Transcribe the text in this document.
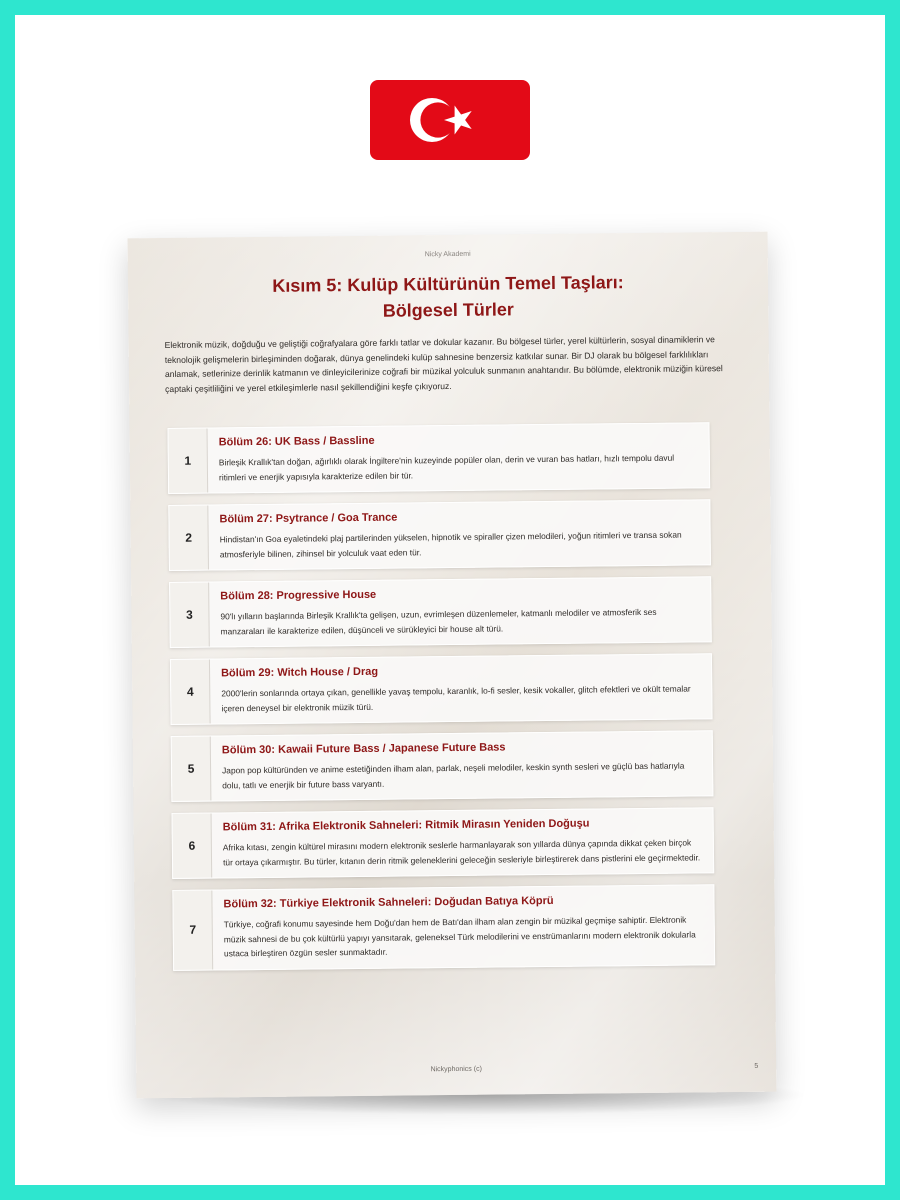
Nicky Akademi
Kısım 5: Kulüp Kültürünün Temel Taşları:
Bölgesel Türler
Elektronik müzik, doğduğu ve geliştiği coğrafyalara göre farklı tatlar ve dokular kazanır. Bu bölgesel türler, yerel kültürlerin, sosyal dinamiklerin ve teknolojik gelişmelerin birleşiminden doğarak, dünya genelindeki kulüp sahnesine benzersiz katkılar sunar. Bir DJ olarak bu bölgesel farklılıkları anlamak, setlerinize derinlik katmanın ve dinleyicilerinize coğrafi bir müzikal yolculuk sunmanın anahtarıdır. Bu bölümde, elektronik müziğin küresel çaptaki çeşitliliğini ve yerel etkileşimlerle nasıl şekillendiğini keşfe çıkıyoruz.
1
Bölüm 26: UK Bass / Bassline
Birleşik Krallık'tan doğan, ağırlıklı olarak İngiltere'nin kuzeyinde popüler olan, derin ve vuran bas hatları, hızlı tempolu davul ritimleri ve enerjik yapısıyla karakterize edilen bir tür.
2
Bölüm 27: Psytrance / Goa Trance
Hindistan'ın Goa eyaletindeki plaj partilerinden yükselen, hipnotik ve spiraller çizen melodileri, yoğun ritimleri ve transa sokan atmosferiyle bilinen, zihinsel bir yolculuk vaat eden tür.
3
Bölüm 28: Progressive House
90'lı yılların başlarında Birleşik Krallık'ta gelişen, uzun, evrimleşen düzenlemeler, katmanlı melodiler ve atmosferik ses manzaraları ile karakterize edilen, düşünceli ve sürükleyici bir house alt türü.
4
Bölüm 29: Witch House / Drag
2000'lerin sonlarında ortaya çıkan, genellikle yavaş tempolu, karanlık, lo-fi sesler, kesik vokaller, glitch efektleri ve okült temalar içeren deneysel bir elektronik müzik türü.
5
Bölüm 30: Kawaii Future Bass / Japanese Future Bass
Japon pop kültüründen ve anime estetiğinden ilham alan, parlak, neşeli melodiler, keskin synth sesleri ve güçlü bas hatlarıyla dolu, tatlı ve enerjik bir future bass varyantı.
6
Bölüm 31: Afrika Elektronik Sahneleri: Ritmik Mirasın Yeniden Doğuşu
Afrika kıtası, zengin kültürel mirasını modern elektronik seslerle harmanlayarak son yıllarda dünya çapında dikkat çeken birçok tür ortaya çıkarmıştır. Bu türler, kıtanın derin ritmik geleneklerini geleceğin sesleriyle birleştirerek dans pistlerini ele geçirmektedir.
7
Bölüm 32: Türkiye Elektronik Sahneleri: Doğudan Batıya Köprü
Türkiye, coğrafi konumu sayesinde hem Doğu'dan hem de Batı'dan ilham alan zengin bir müzikal geçmişe sahiptir. Elektronik müzik sahnesi de bu çok kültürlü yapıyı yansıtarak, geleneksel Türk melodilerini ve enstrümanlarını modern elektronik dokularla ustaca birleştiren özgün sesler sunmaktadır.
Nickyphonics (c)	5
